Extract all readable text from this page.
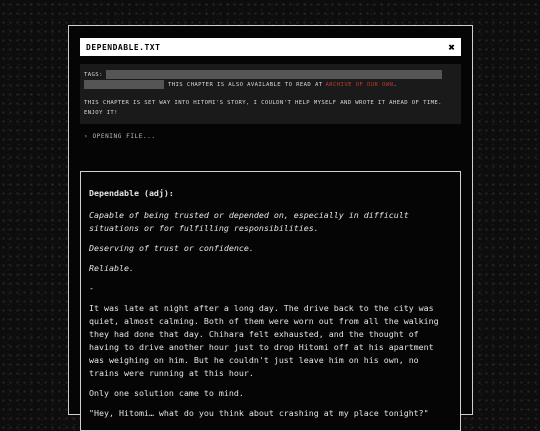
DEPENDABLE.TXT	✖
TAGS:
THIS CHAPTER IS ALSO AVAILABLE TO READ AT ARCHIVE OF OUR OWN .
THIS CHAPTER IS SET WAY INTO HITOMI'S STORY, I COULDN'T HELP MYSELF AND WROTE IT AHEAD OF TIME. ENJOY IT!
› OPENING FILE...

Dependable (adj):

Capable of being trusted or depended on, especially in difficult situations or for fulfilling responsibilities.

Deserving of trust or confidence.

Reliable.

-

It was late at night after a long day. The drive back to the city was quiet, almost calming. Both of them were worn out from all the walking they had done that day. Chihara felt exhausted, and the thought of having to drive another hour just to drop Hitomi off at his apartment was weighing on him. But he couldn't just leave him on his own, no trains were running at this hour.

Only one solution came to mind.

"Hey, Hitomi… what do you think about crashing at my place tonight?"
